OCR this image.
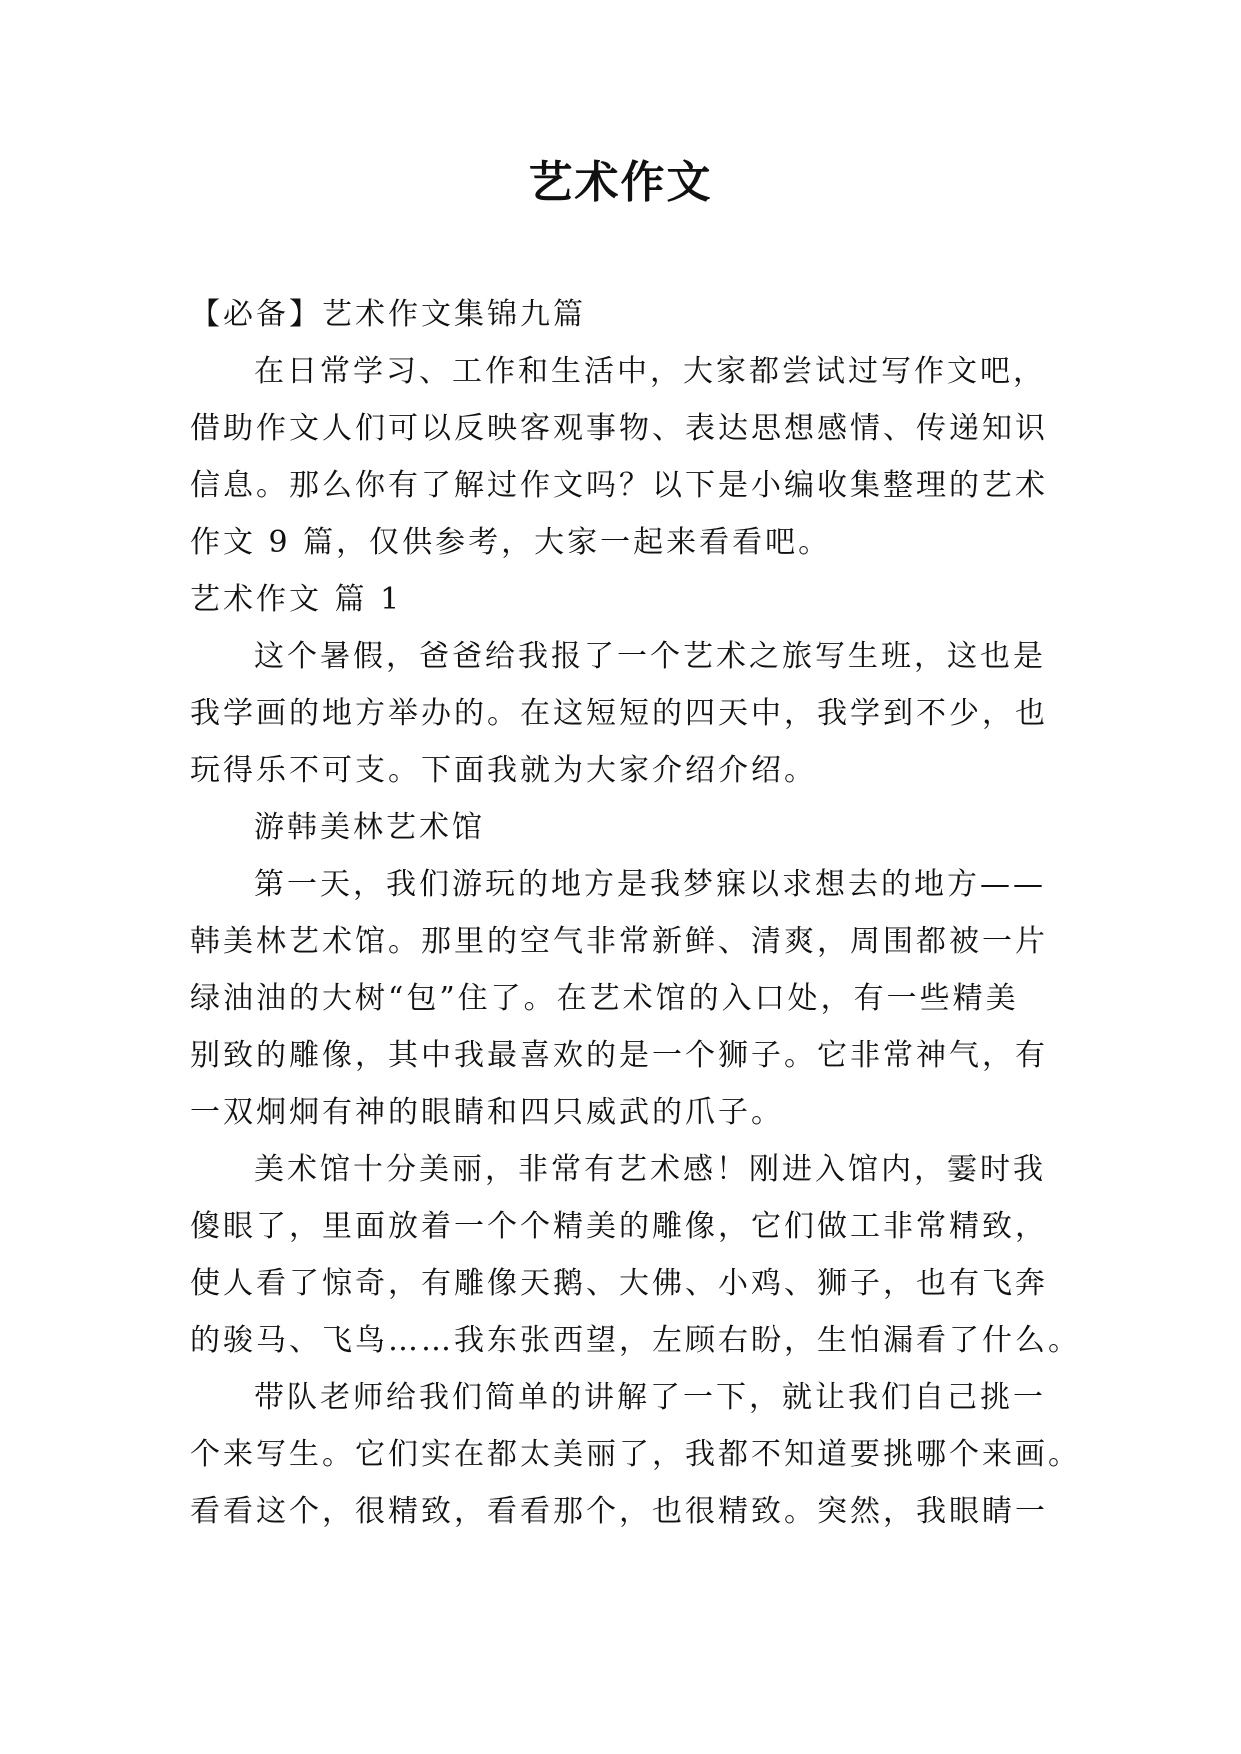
艺术作文
【必备】艺术作文集锦九篇
在日常学习、工作和生活中，大家都尝试过写作文吧，
借助作文人们可以反映客观事物、表达思想感情、传递知识
信息。那么你有了解过作文吗？以下是小编收集整理的艺术
作文 9 篇，仅供参考，大家一起来看看吧。
艺术作文 篇 1
这个暑假，爸爸给我报了一个艺术之旅写生班，这也是
我学画的地方举办的。在这短短的四天中，我学到不少，也
玩得乐不可支。下面我就为大家介绍介绍。
游韩美林艺术馆
第一天，我们游玩的地方是我梦寐以求想去的地方——
韩美林艺术馆。那里的空气非常新鲜、清爽，周围都被一片
绿油油的大树“包”住了。在艺术馆的入口处，有一些精美
别致的雕像，其中我最喜欢的是一个狮子。它非常神气，有
一双炯炯有神的眼睛和四只威武的爪子。
美术馆十分美丽，非常有艺术感！刚进入馆内，霎时我
傻眼了，里面放着一个个精美的雕像，它们做工非常精致，
使人看了惊奇，有雕像天鹅、大佛、小鸡、狮子，也有飞奔
的骏马、飞鸟……我东张西望，左顾右盼，生怕漏看了什么。
带队老师给我们简单的讲解了一下，就让我们自己挑一
个来写生。它们实在都太美丽了，我都不知道要挑哪个来画。
看看这个，很精致，看看那个，也很精致。突然，我眼睛一
